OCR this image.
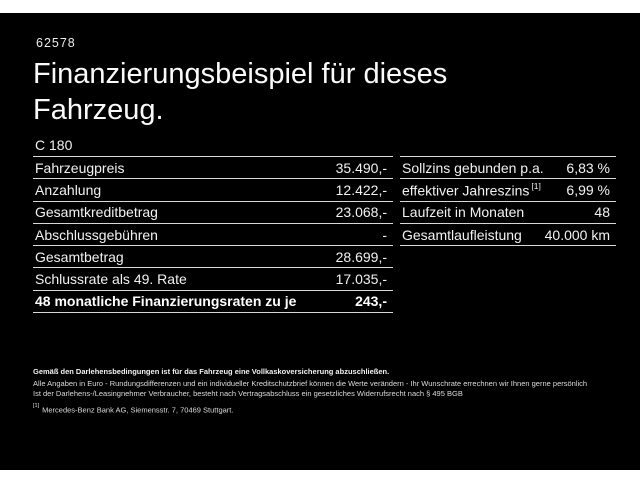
62578
Finanzierungsbeispiel für dieses
Fahrzeug.
C 180
Fahrzeugpreis	35.490,-
Anzahlung	12.422,-
Gesamtkreditbetrag	23.068,-
Abschlussgebühren	-
Gesamtbetrag	28.699,-
Schlussrate als 49. Rate	17.035,-
48 monatliche Finanzierungsraten zu je	243,-
Sollzins gebunden p.a. 6,83 %
effektiver Jahreszins [1] 6,99 %
Laufzeit in Monaten	48
Gesamtlaufleistung 40.000 km

Gemäß den Darlehensbedingungen ist für das Fahrzeug eine Vollkaskoversicherung abzuschließen.

Alle Angaben in Euro - Rundungsdifferenzen und ein individueller Kreditschutzbrief können die Werte verändern - Ihr Wunschrate errechnen wir Ihnen gerne persönlich

Ist der Darlehens-/Leasingnehmer Verbraucher, besteht nach Vertragsabschluss ein gesetzliches Widerrufsrecht nach § 495 BGB

[1] Mercedes-Benz Bank AG, Siemensstr. 7, 70469 Stuttgart.
